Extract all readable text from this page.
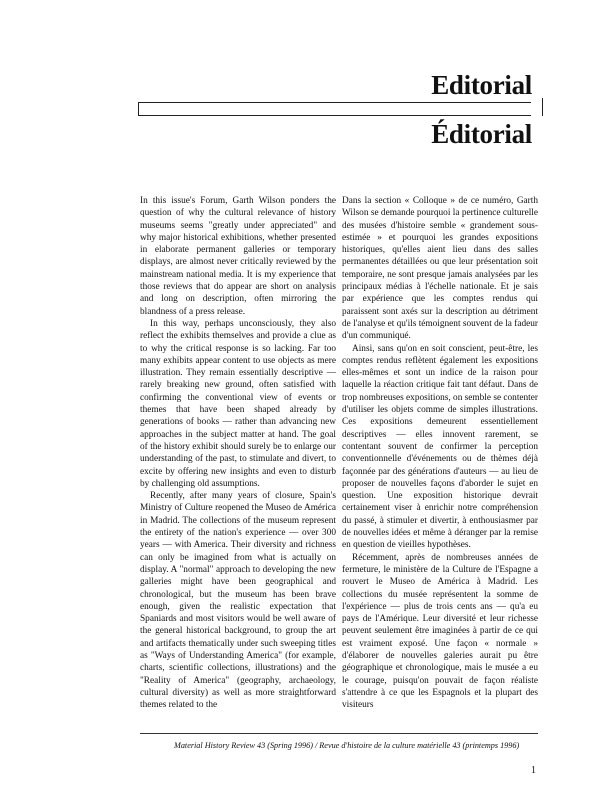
Editorial
Éditorial

In this issue's Forum, Garth Wilson ponders the question of why the cultural relevance of history museums seems "greatly under appreciated" and why major historical exhibitions, whether presented in elaborate permanent galleries or temporary displays, are almost never critically reviewed by the mainstream national media. It is my experience that those reviews that do appear are short on analysis and long on description, often mirroring the blandness of a press release.

In this way, perhaps unconsciously, they also reflect the exhibits themselves and provide a clue as to why the critical response is so lacking. Far too many exhibits appear content to use objects as mere illustration. They remain essentially descriptive — rarely breaking new ground, often satisfied with confirming the conventional view of events or themes that have been shaped already by generations of books — rather than advancing new approaches in the subject matter at hand. The goal of the history exhibit should surely be to enlarge our understanding of the past, to stimulate and divert, to excite by offering new insights and even to disturb by challenging old assumptions.

Recently, after many years of closure, Spain's Ministry of Culture reopened the Museo de América in Madrid. The collections of the museum represent the entirety of the nation's experience — over 300 years — with America. Their diversity and richness can only be imagined from what is actually on display. A "normal" approach to developing the new galleries might have been geographical and chronological, but the museum has been brave enough, given the realistic expectation that Spaniards and most visitors would be well aware of the general historical background, to group the art and artifacts thematically under such sweeping titles as "Ways of Understanding America" (for example, charts, scientific collections, illustrations) and the "Reality of America" (geography, archaeology, cultural diversity) as well as more straightforward themes related to the

Dans la section « Colloque » de ce numéro, Garth Wilson se demande pourquoi la pertinence culturelle des musées d'histoire semble « grandement sous-estimée » et pourquoi les grandes expositions historiques, qu'elles aient lieu dans des salles permanentes détaillées ou que leur présentation soit temporaire, ne sont presque jamais analysées par les principaux médias à l'échelle nationale. Et je sais par expérience que les comptes rendus qui paraissent sont axés sur la description au détriment de l'analyse et qu'ils témoignent souvent de la fadeur d'un communiqué.

Ainsi, sans qu'on en soit conscient, peut-être, les comptes rendus reflètent également les expositions elles-mêmes et sont un indice de la raison pour laquelle la réaction critique fait tant défaut. Dans de trop nombreuses expositions, on semble se contenter d'utiliser les objets comme de simples illustrations. Ces expositions demeurent essentiellement descriptives — elles innovent rarement, se contentant souvent de confirmer la perception conventionnelle d'événements ou de thèmes déjà façonnée par des générations d'auteurs — au lieu de proposer de nouvelles façons d'aborder le sujet en question. Une exposition historique devrait certainement viser à enrichir notre compréhension du passé, à stimuler et divertir, à enthousiasmer par de nouvelles idées et même à déranger par la remise en question de vieilles hypothèses.

Récemment, après de nombreuses années de fermeture, le ministère de la Culture de l'Espagne a rouvert le Museo de América à Madrid. Les collections du musée représentent la somme de l'expérience — plus de trois cents ans — qu'a eu pays de l'Amérique. Leur diversité et leur richesse peuvent seulement être imaginées à partir de ce qui est vraiment exposé. Une façon « normale » d'élaborer de nouvelles galeries aurait pu être géographique et chronologique, mais le musée a eu le courage, puisqu'on pouvait de façon réaliste s'attendre à ce que les Espagnols et la plupart des visiteurs

Material History Review 43 (Spring 1996) / Revue d'histoire de la culture matérielle 43 (printemps 1996)
1
